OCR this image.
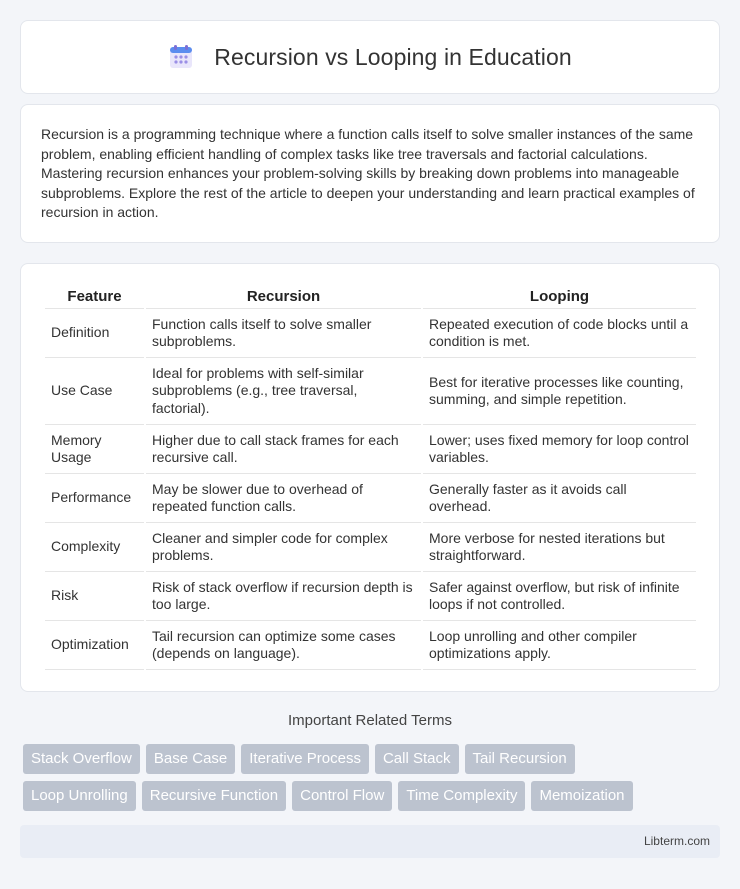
Recursion vs Looping in Education

Recursion is a programming technique where a function calls itself to solve smaller instances of the same problem, enabling efficient handling of complex tasks like tree traversals and factorial calculations. Mastering recursion enhances your problem-solving skills by breaking down problems into manageable subproblems. Explore the rest of the article to deepen your understanding and learn practical examples of recursion in action.

Feature	Recursion	Looping
Definition	Function calls itself to solve smaller subproblems.	Repeated execution of code blocks until a condition is met.
Use Case	Ideal for problems with self-similar subproblems (e.g., tree traversal, factorial).	Best for iterative processes like counting, summing, and simple repetition.
Memory Usage	Higher due to call stack frames for each recursive call.	Lower; uses fixed memory for loop control variables.
Performance	May be slower due to overhead of repeated function calls.	Generally faster as it avoids call overhead.
Complexity	Cleaner and simpler code for complex problems.	More verbose for nested iterations but straightforward.
Risk	Risk of stack overflow if recursion depth is too large.	Safer against overflow, but risk of infinite loops if not controlled.
Optimization	Tail recursion can optimize some cases (depends on language).	Loop unrolling and other compiler optimizations apply.
Important Related Terms
Stack Overflow	Base Case	Iterative Process	Call Stack	Tail Recursion
Loop Unrolling	Recursive Function	Control Flow	Time Complexity	Memoization
Libterm.com
